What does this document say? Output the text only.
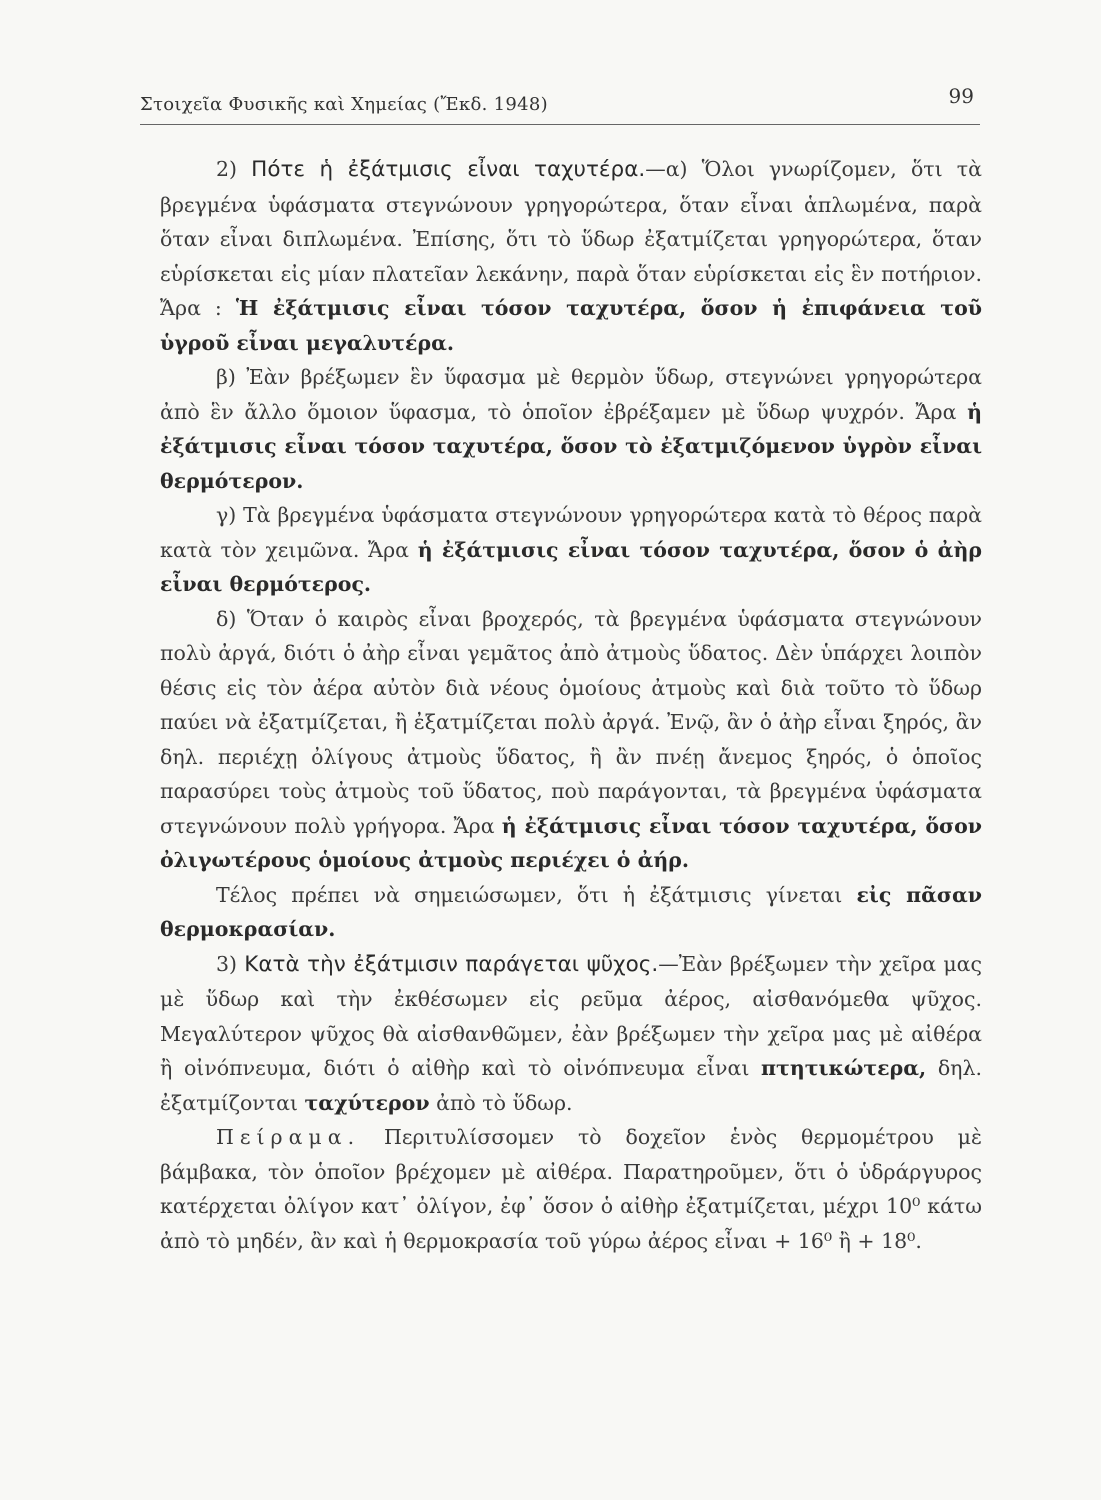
Στοιχεῖα Φυσικῆς καὶ Χημείας (Ἔκδ. 1948)	99

2) Πότε ἡ ἐξάτμισις εἶναι ταχυτέρα.—α) Ὅλοι γνωρίζομεν, ὅτι τὰ βρεγμένα ὑφάσματα στεγνώνουν γρηγορώτερα, ὅταν εἶναι ἁπλωμένα, παρὰ ὅταν εἶναι διπλωμένα. Ἐπίσης, ὅτι τὸ ὕδωρ ἐξατμίζεται γρηγορώτερα, ὅταν εὑρίσκεται εἰς μίαν πλατεῖαν λεκάνην, παρὰ ὅταν εὑρίσκεται εἰς ἓν ποτήριον. Ἄρα : Ἡ ἐξάτμισις εἶναι τόσον ταχυτέρα, ὅσον ἡ ἐπιφάνεια τοῦ ὑγροῦ εἶναι μεγαλυτέρα.

β) Ἐὰν βρέξωμεν ἓν ὕφασμα μὲ θερμὸν ὕδωρ, στεγνώνει γρηγορώτερα ἀπὸ ἓν ἄλλο ὅμοιον ὕφασμα, τὸ ὁποῖον ἐβρέξαμεν μὲ ὕδωρ ψυχρόν. Ἄρα ἡ ἐξάτμισις εἶναι τόσον ταχυτέρα, ὅσον τὸ ἐξατμιζόμενον ὑγρὸν εἶναι θερμότερον.

γ) Τὰ βρεγμένα ὑφάσματα στεγνώνουν γρηγορώτερα κατὰ τὸ θέρος παρὰ κατὰ τὸν χειμῶνα. Ἄρα ἡ ἐξάτμισις εἶναι τόσον ταχυτέρα, ὅσον ὁ ἀὴρ εἶναι θερμότερος.

δ) Ὅταν ὁ καιρὸς εἶναι βροχερός, τὰ βρεγμένα ὑφάσματα στεγνώνουν πολὺ ἀργά, διότι ὁ ἀὴρ εἶναι γεμᾶτος ἀπὸ ἀτμοὺς ὕδατος. Δὲν ὑπάρχει λοιπὸν θέσις εἰς τὸν ἀέρα αὐτὸν διὰ νέους ὁμοίους ἀτμοὺς καὶ διὰ τοῦτο τὸ ὕδωρ παύει νὰ ἐξατμίζεται, ἢ ἐξατμίζεται πολὺ ἀργά. Ἐνῷ, ἂν ὁ ἀὴρ εἶναι ξηρός, ἂν δηλ. περιέχῃ ὀλίγους ἀτμοὺς ὕδατος, ἢ ἂν πνέῃ ἄνεμος ξηρός, ὁ ὁποῖος παρασύρει τοὺς ἀτμοὺς τοῦ ὕδατος, ποὺ παράγονται, τὰ βρεγμένα ὑφάσματα στεγνώνουν πολὺ γρήγορα. Ἄρα ἡ ἐξάτμισις εἶναι τόσον ταχυτέρα, ὅσον ὀλιγωτέρους ὁμοίους ἀτμοὺς περιέχει ὁ ἀήρ.

Τέλος πρέπει νὰ σημειώσωμεν, ὅτι ἡ ἐξάτμισις γίνεται εἰς πᾶσαν θερμοκρασίαν.

3) Κατὰ τὴν ἐξάτμισιν παράγεται ψῦχος.—Ἐὰν βρέξωμεν τὴν χεῖρα μας μὲ ὕδωρ καὶ τὴν ἐκθέσωμεν εἰς ρεῦμα ἀέρος, αἰσθανόμεθα ψῦχος. Μεγαλύτερον ψῦχος θὰ αἰσθανθῶμεν, ἐὰν βρέξωμεν τὴν χεῖρα μας μὲ αἰθέρα ἢ οἰνόπνευμα, διότι ὁ αἰθὴρ καὶ τὸ οἰνόπνευμα εἶναι πτητικώτερα, δηλ. ἐξατμίζονται ταχύτερον ἀπὸ τὸ ὕδωρ.

Πείραμα. Περιτυλίσσομεν τὸ δοχεῖον ἑνὸς θερμομέτρου μὲ βάμβακα, τὸν ὁποῖον βρέχομεν μὲ αἰθέρα. Παρατηροῦμεν, ὅτι ὁ ὑδράργυρος κατέρχεται ὀλίγον κατ᾿ ὀλίγον, ἐφ᾿ ὅσον ὁ αἰθὴρ ἐξατμίζεται, μέχρι 10⁰ κάτω ἀπὸ τὸ μηδέν, ἂν καὶ ἡ θερμοκρασία τοῦ γύρω ἀέρος εἶναι + 16⁰ ἢ + 18⁰.
